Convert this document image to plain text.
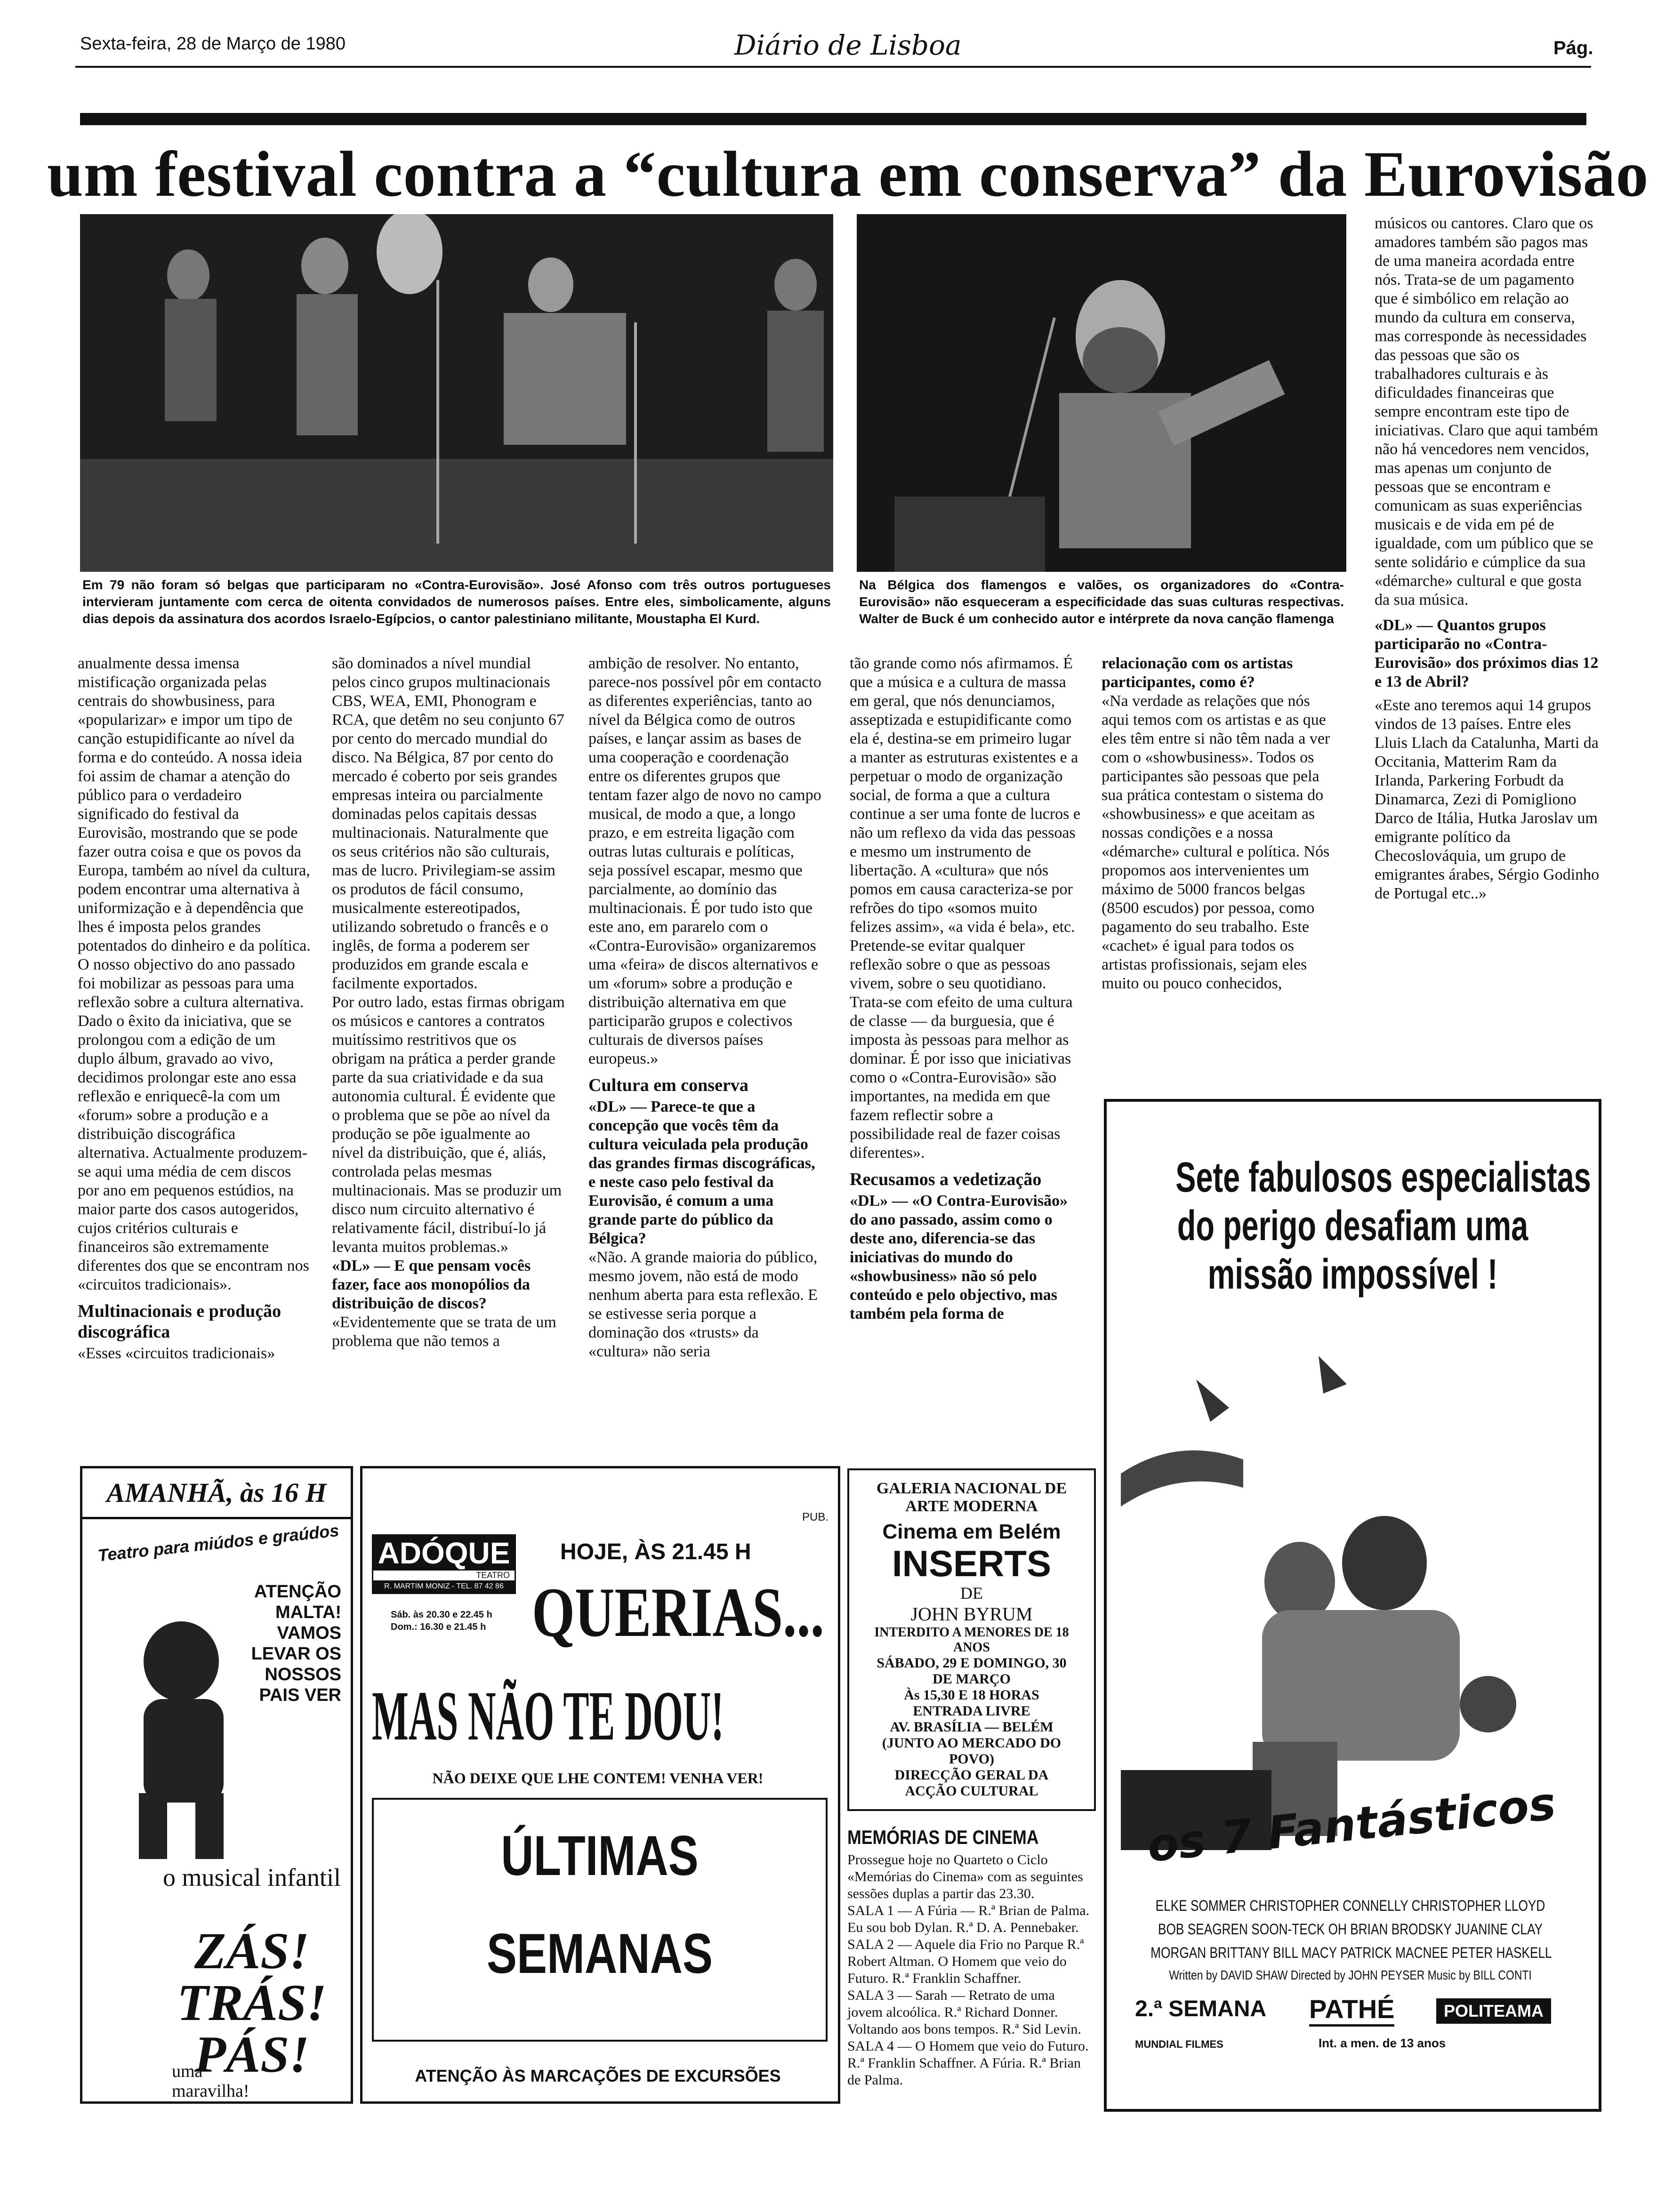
Sexta-feira, 28 de Março de 1980	Diário de Lisboa	Pág.
um festival contra a “cultura em conserva” da Eurovisão
Em 79 não foram só belgas que participaram no «Contra-Eurovisão». José Afonso com três outros portugueses intervieram juntamente com cerca de oitenta convidados de numerosos países. Entre eles, simbolicamente, alguns dias depois da assinatura dos acordos Israelo-Egípcios, o cantor palestiniano militante, Moustapha El Kurd.
Na Bélgica dos flamengos e valões, os organizadores do «Contra-Eurovisão» não esqueceram a especificidade das suas culturas respectivas. Walter de Buck é um conhecido autor e intérprete da nova canção flamenga

anualmente dessa imensa mistificação organizada pelas centrais do showbusiness, para «popularizar» e impor um tipo de canção estupidificante ao nível da forma e do conteúdo. A nossa ideia foi assim de chamar a atenção do público para o verdadeiro significado do festival da Eurovisão, mostrando que se pode fazer outra coisa e que os povos da Europa, também ao nível da cultura, podem encontrar uma alternativa à uniformização e à dependência que lhes é imposta pelos grandes potentados do dinheiro e da política.

O nosso objectivo do ano passado foi mobilizar as pessoas para uma reflexão sobre a cultura alternativa. Dado o êxito da iniciativa, que se prolongou com a edição de um duplo álbum, gravado ao vivo, decidimos prolongar este ano essa reflexão e enriquecê-la com um «forum» sobre a produção e a distribuição discográfica alternativa. Actualmente produzem-se aqui uma média de cem discos por ano em pequenos estúdios, na maior parte dos casos autogeridos, cujos critérios culturais e financeiros são extremamente diferentes dos que se encontram nos «circuitos tradicionais».

Multinacionais e produção discográfica

«Esses «circuitos tradicionais»

são dominados a nível mundial pelos cinco grupos multinacionais CBS, WEA, EMI, Phonogram e RCA, que detêm no seu conjunto 67 por cento do mercado mundial do disco. Na Bélgica, 87 por cento do mercado é coberto por seis grandes empresas inteira ou parcialmente dominadas pelos capitais dessas multinacionais. Naturalmente que os seus critérios não são culturais, mas de lucro. Privilegiam-se assim os produtos de fácil consumo, musicalmente estereotipados, utilizando sobretudo o francês e o inglês, de forma a poderem ser produzidos em grande escala e facilmente exportados.

Por outro lado, estas firmas obrigam os músicos e cantores a contratos muitíssimo restritivos que os obrigam na prática a perder grande parte da sua criatividade e da sua autonomia cultural. É evidente que o problema que se põe ao nível da produção se põe igualmente ao nível da distribuição, que é, aliás, controlada pelas mesmas multinacionais. Mas se produzir um disco num circuito alternativo é relativamente fácil, distribuí-lo já levanta muitos problemas.»

«DL» — E que pensam vocês fazer, face aos monopólios da distribuição de discos?

«Evidentemente que se trata de um problema que não temos a

ambição de resolver. No entanto, parece-nos possível pôr em contacto as diferentes experiências, tanto ao nível da Bélgica como de outros países, e lançar assim as bases de uma cooperação e coordenação entre os diferentes grupos que tentam fazer algo de novo no campo musical, de modo a que, a longo prazo, e em estreita ligação com outras lutas culturais e políticas, seja possível escapar, mesmo que parcialmente, ao domínio das multinacionais. É por tudo isto que este ano, em pararelo com o «Contra-Eurovisão» organizaremos uma «feira» de discos alternativos e um «forum» sobre a produção e distribuição alternativa em que participarão grupos e colectivos culturais de diversos países europeus.»

Cultura em conserva

«DL» — Parece-te que a concepção que vocês têm da cultura veiculada pela produção das grandes firmas discográficas, e neste caso pelo festival da Eurovisão, é comum a uma grande parte do público da Bélgica?

«Não. A grande maioria do público, mesmo jovem, não está de modo nenhum aberta para esta reflexão. E se estivesse seria porque a dominação dos «trusts» da «cultura» não seria

tão grande como nós afirmamos. É que a música e a cultura de massa em geral, que nós denunciamos, asseptizada e estupidificante como ela é, destina-se em primeiro lugar a manter as estruturas existentes e a perpetuar o modo de organização social, de forma a que a cultura continue a ser uma fonte de lucros e não um reflexo da vida das pessoas e mesmo um instrumento de libertação. A «cultura» que nós pomos em causa caracteriza-se por refrões do tipo «somos muito felizes assim», «a vida é bela», etc. Pretende-se evitar qualquer reflexão sobre o que as pessoas vivem, sobre o seu quotidiano. Trata-se com efeito de uma cultura de classe — da burguesia, que é imposta às pessoas para melhor as dominar. É por isso que iniciativas como o «Contra-Eurovisão» são importantes, na medida em que fazem reflectir sobre a possibilidade real de fazer coisas diferentes».

Recusamos a vedetização

«DL» — «O Contra-Eurovisão» do ano passado, assim como o deste ano, diferencia-se das iniciativas do mundo do «showbusiness» não só pelo conteúdo e pelo objectivo, mas também pela forma de

relacionação com os artistas participantes, como é?

«Na verdade as relações que nós aqui temos com os artistas e as que eles têm entre si não têm nada a ver com o «showbusiness». Todos os participantes são pessoas que pela sua prática contestam o sistema do «showbusiness» e que aceitam as nossas condições e a nossa «démarche» cultural e política. Nós propomos aos intervenientes um máximo de 5000 francos belgas (8500 escudos) por pessoa, como pagamento do seu trabalho. Este «cachet» é igual para todos os artistas profissionais, sejam eles muito ou pouco conhecidos,

músicos ou cantores. Claro que os amadores também são pagos mas de uma maneira acordada entre nós. Trata-se de um pagamento que é simbólico em relação ao mundo da cultura em conserva, mas corresponde às necessidades das pessoas que são os trabalhadores culturais e às dificuldades financeiras que sempre encontram este tipo de iniciativas. Claro que aqui também não há vencedores nem vencidos, mas apenas um conjunto de pessoas que se encontram e comunicam as suas experiências musicais e de vida em pé de igualdade, com um público que se sente solidário e cúmplice da sua «démarche» cultural e que gosta da sua música.

«DL» — Quantos grupos participarão no «Contra-Eurovisão» dos próximos dias 12 e 13 de Abril?

«Este ano teremos aqui 14 grupos vindos de 13 países. Entre eles Lluis Llach da Catalunha, Marti da Occitania, Matterim Ram da Irlanda, Parkering Forbudt da Dinamarca, Zezi di Pomigliono Darco de Itália, Hutka Jaroslav um emigrante político da Checoslováquia, um grupo de emigrantes árabes, Sérgio Godinho de Portugal etc..»

AMANHÃ, às 16 H
Teatro para miúdos e graúdos
ATENÇÃO MALTA! VAMOS LEVAR OS NOSSOS PAIS VER
o musical infantil
ZÁS!
TRÁS!
PÁS!
uma maravilha!
PUB.
ADÓQUE
TEATRO
R. MARTIM MONIZ - TEL. 87 42 86
Sáb. às 20.30 e 22.45 h
Dom.: 16.30 e 21.45 h
HOJE, ÀS 21.45 H
QUERIAS...
MAS NÃO TE DOU!
NÃO DEIXE QUE LHE CONTEM! VENHA VER!
ÚLTIMAS
SEMANAS
ATENÇÃO ÀS MARCAÇÕES DE EXCURSÕES
GALERIA NACIONAL DE ARTE MODERNA
Cinema em Belém
INSERTS
DE
JOHN BYRUM
INTERDITO A MENORES DE 18 ANOS
SÁBADO, 29 E DOMINGO, 30 DE MARÇO
Às 15,30 E 18 HORAS
ENTRADA LIVRE
AV. BRASÍLIA — BELÉM (JUNTO AO MERCADO DO POVO)
DIRECÇÃO GERAL DA ACÇÃO CULTURAL
MEMÓRIAS DE CINEMA

Prossegue hoje no Quarteto o Ciclo «Memórias do Cinema» com as seguintes sessões duplas a partir das 23.30.

SALA 1 — A Fúria — R.ª Brian de Palma. Eu sou bob Dylan. R.ª D. A. Pennebaker.

SALA 2 — Aquele dia Frio no Parque R.ª Robert Altman. O Homem que veio do Futuro. R.ª Franklin Schaffner.

SALA 3 — Sarah — Retrato de uma jovem alcoólica. R.ª Richard Donner. Voltando aos bons tempos. R.ª Sid Levin.

SALA 4 — O Homem que veio do Futuro. R.ª Franklin Schaffner. A Fúria. R.ª Brian de Palma.

Sete fabulosos especialistas
do perigo desafiam uma
missão impossível !
os 7 Fantásticos
ELKE SOMMER CHRISTOPHER CONNELLY CHRISTOPHER LLOYD
BOB SEAGREN SOON-TECK OH BRIAN BRODSKY JUANINE CLAY
MORGAN BRITTANY BILL MACY PATRICK MACNEE PETER HASKELL
Written by DAVID SHAW Directed by JOHN PEYSER Music by BILL CONTI
2.ª SEMANA PATHÉ	POLITEAMA
MUNDIAL FILMES	Int. a men. de 13 anos
